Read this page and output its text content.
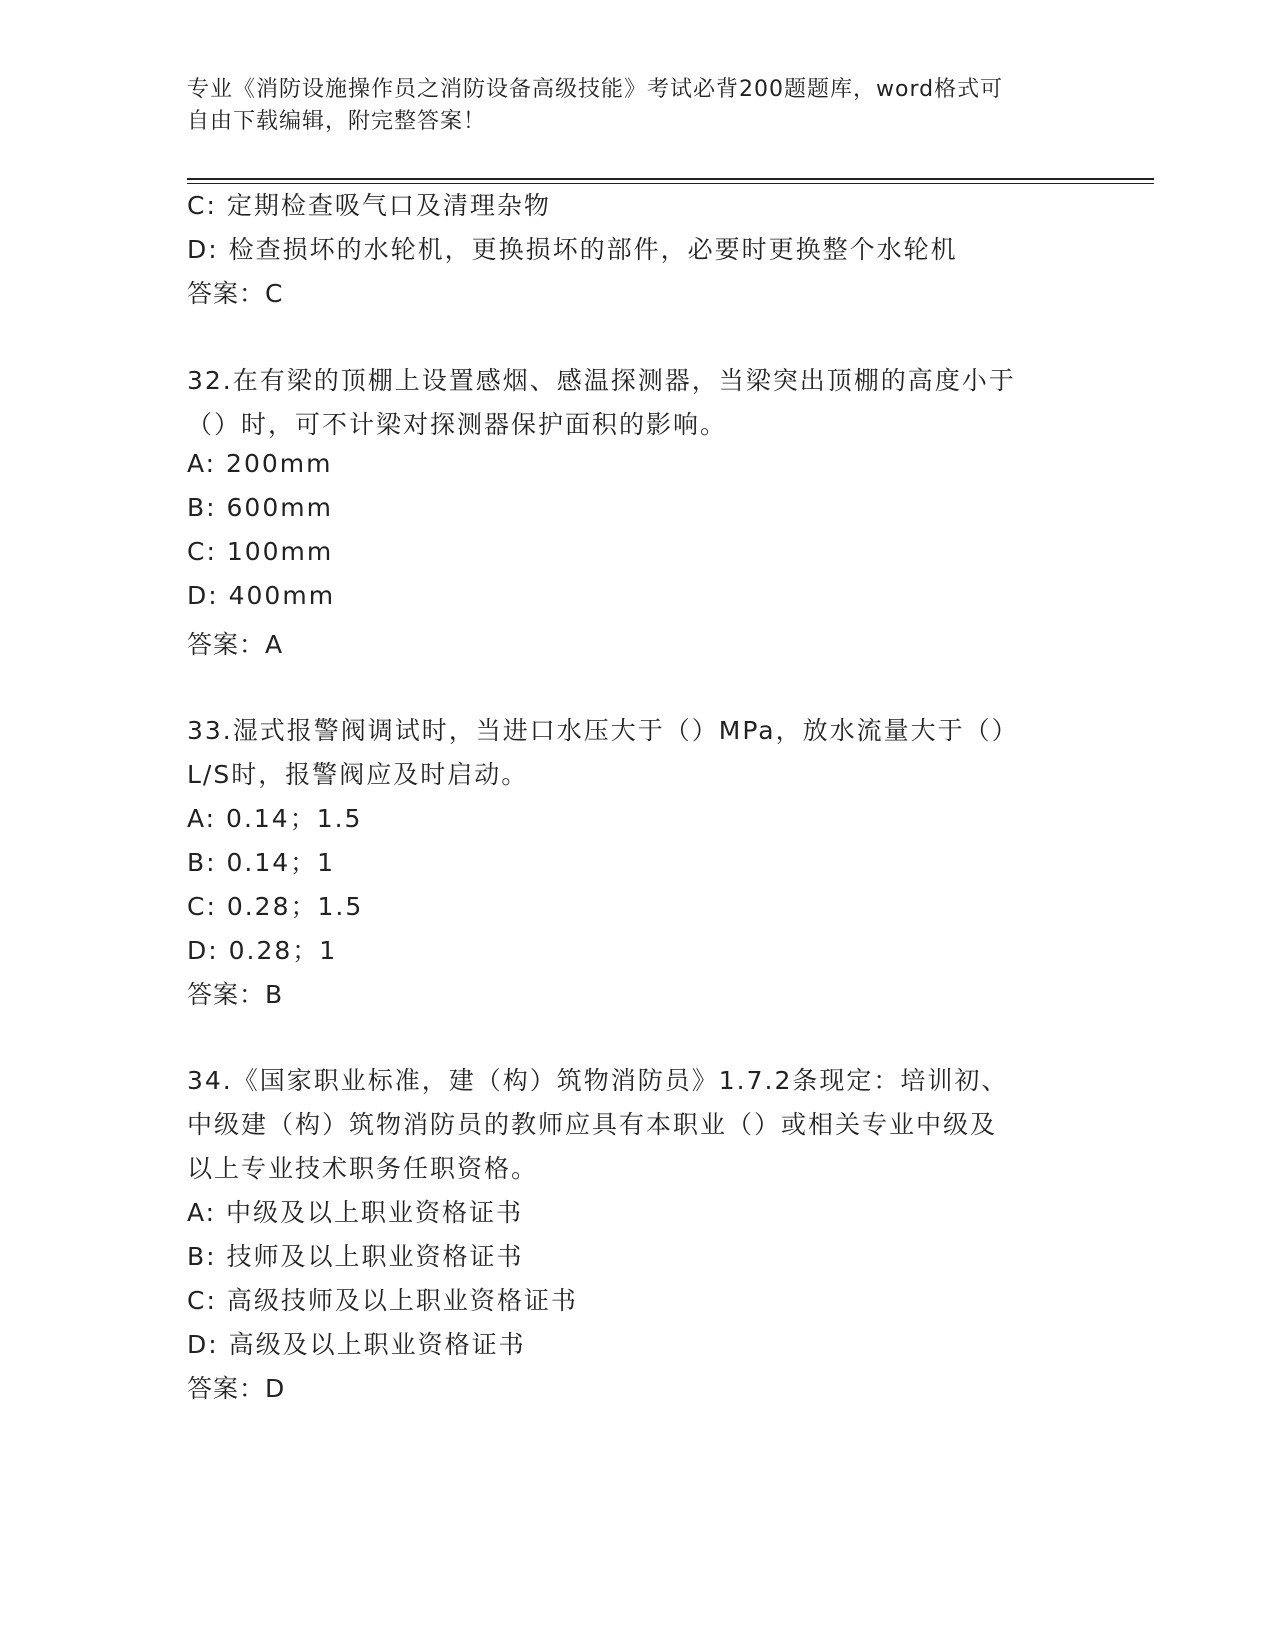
专业《消防设施操作员之消防设备高级技能》考试必背200题题库，word格式可
自由下载编辑，附完整答案！
C: 定期检查吸气口及清理杂物
D: 检查损坏的水轮机，更换损坏的部件，必要时更换整个水轮机
答案：C
32.在有梁的顶棚上设置感烟、感温探测器，当梁突出顶棚的高度小于
（）时，可不计梁对探测器保护面积的影响。
A: 200mm
B: 600mm
C: 100mm
D: 400mm
答案：A
33.湿式报警阀调试时，当进口水压大于（）MPa，放水流量大于（）
L/S时，报警阀应及时启动。
A: 0.14；1.5
B: 0.14；1
C: 0.28；1.5
D: 0.28；1
答案：B
34.《国家职业标准，建（构）筑物消防员》1.7.2条现定：培训初、
中级建（构）筑物消防员的教师应具有本职业（）或相关专业中级及
以上专业技术职务任职资格。
A: 中级及以上职业资格证书
B: 技师及以上职业资格证书
C: 高级技师及以上职业资格证书
D: 高级及以上职业资格证书
答案：D
